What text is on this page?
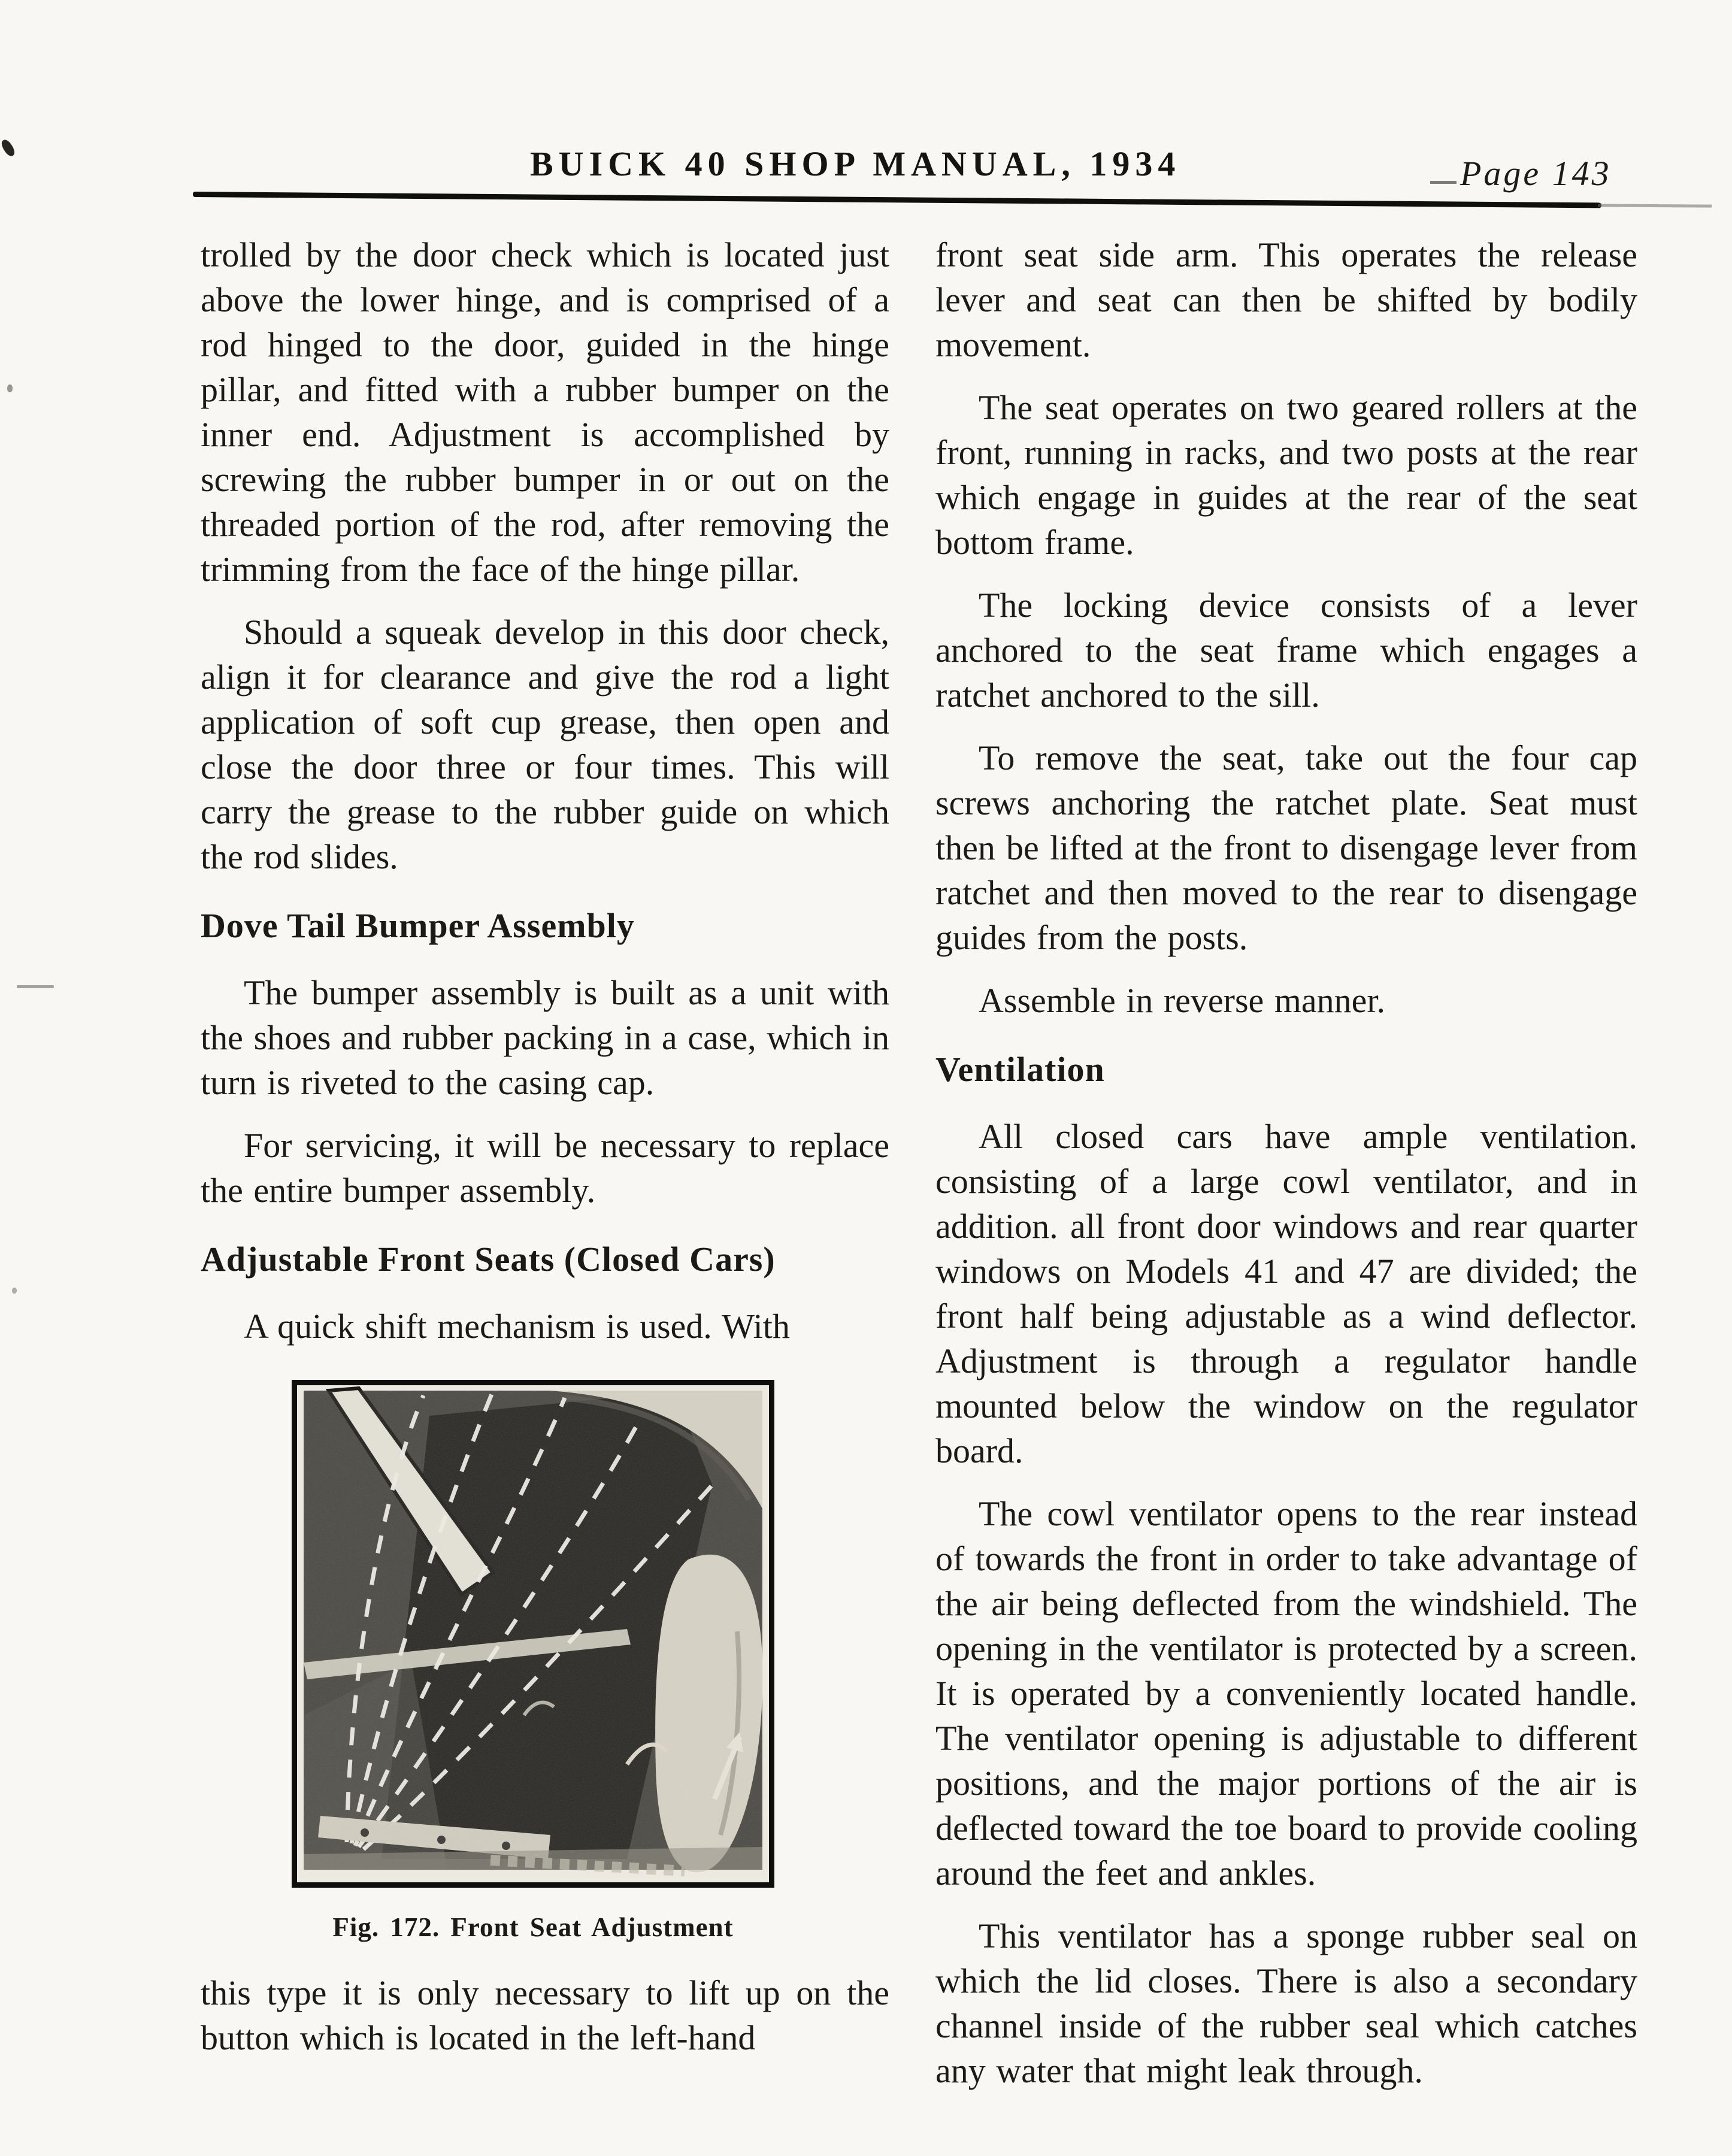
BUICK 40 SHOP MANUAL, 1934	Page 143

trolled by the door check which is located just above the lower hinge, and is comprised of a rod hinged to the door, guided in the hinge pillar, and fitted with a rubber bumper on the inner end. Adjustment is accomplished by screwing the rubber bumper in or out on the threaded portion of the rod, after removing the trimming from the face of the hinge pillar.

Should a squeak develop in this door check, align it for clearance and give the rod a light application of soft cup grease, then open and close the door three or four times. This will carry the grease to the rubber guide on which the rod slides.

Dove Tail Bumper Assembly

The bumper assembly is built as a unit with the shoes and rubber packing in a case, which in turn is riveted to the casing cap.

For servicing, it will be necessary to replace the entire bumper assembly.

Adjustable Front Seats (Closed Cars)

A quick shift mechanism is used. With

Fig. 172. Front Seat Adjustment

this type it is only necessary to lift up on the button which is located in the left-hand

front seat side arm. This operates the release lever and seat can then be shifted by bodily movement.

The seat operates on two geared rollers at the front, running in racks, and two posts at the rear which engage in guides at the rear of the seat bottom frame.

The locking device consists of a lever anchored to the seat frame which engages a ratchet anchored to the sill.

To remove the seat, take out the four cap screws anchoring the ratchet plate. Seat must then be lifted at the front to disengage lever from ratchet and then moved to the rear to disengage guides from the posts.

Assemble in reverse manner.

Ventilation

All closed cars have ample ventilation. consisting of a large cowl ventilator, and in addition. all front door windows and rear quarter windows on Models 41 and 47 are divided; the front half being adjustable as a wind deflector. Adjustment is through a regulator handle mounted below the window on the regulator board.

The cowl ventilator opens to the rear instead of towards the front in order to take advantage of the air being deflected from the windshield. The opening in the ventilator is protected by a screen. It is operated by a conveniently located handle. The ventilator opening is adjustable to different positions, and the major portions of the air is deflected toward the toe board to provide cooling around the feet and ankles.

This ventilator has a sponge rubber seal on which the lid closes. There is also a secondary channel inside of the rubber seal which catches any water that might leak through.
